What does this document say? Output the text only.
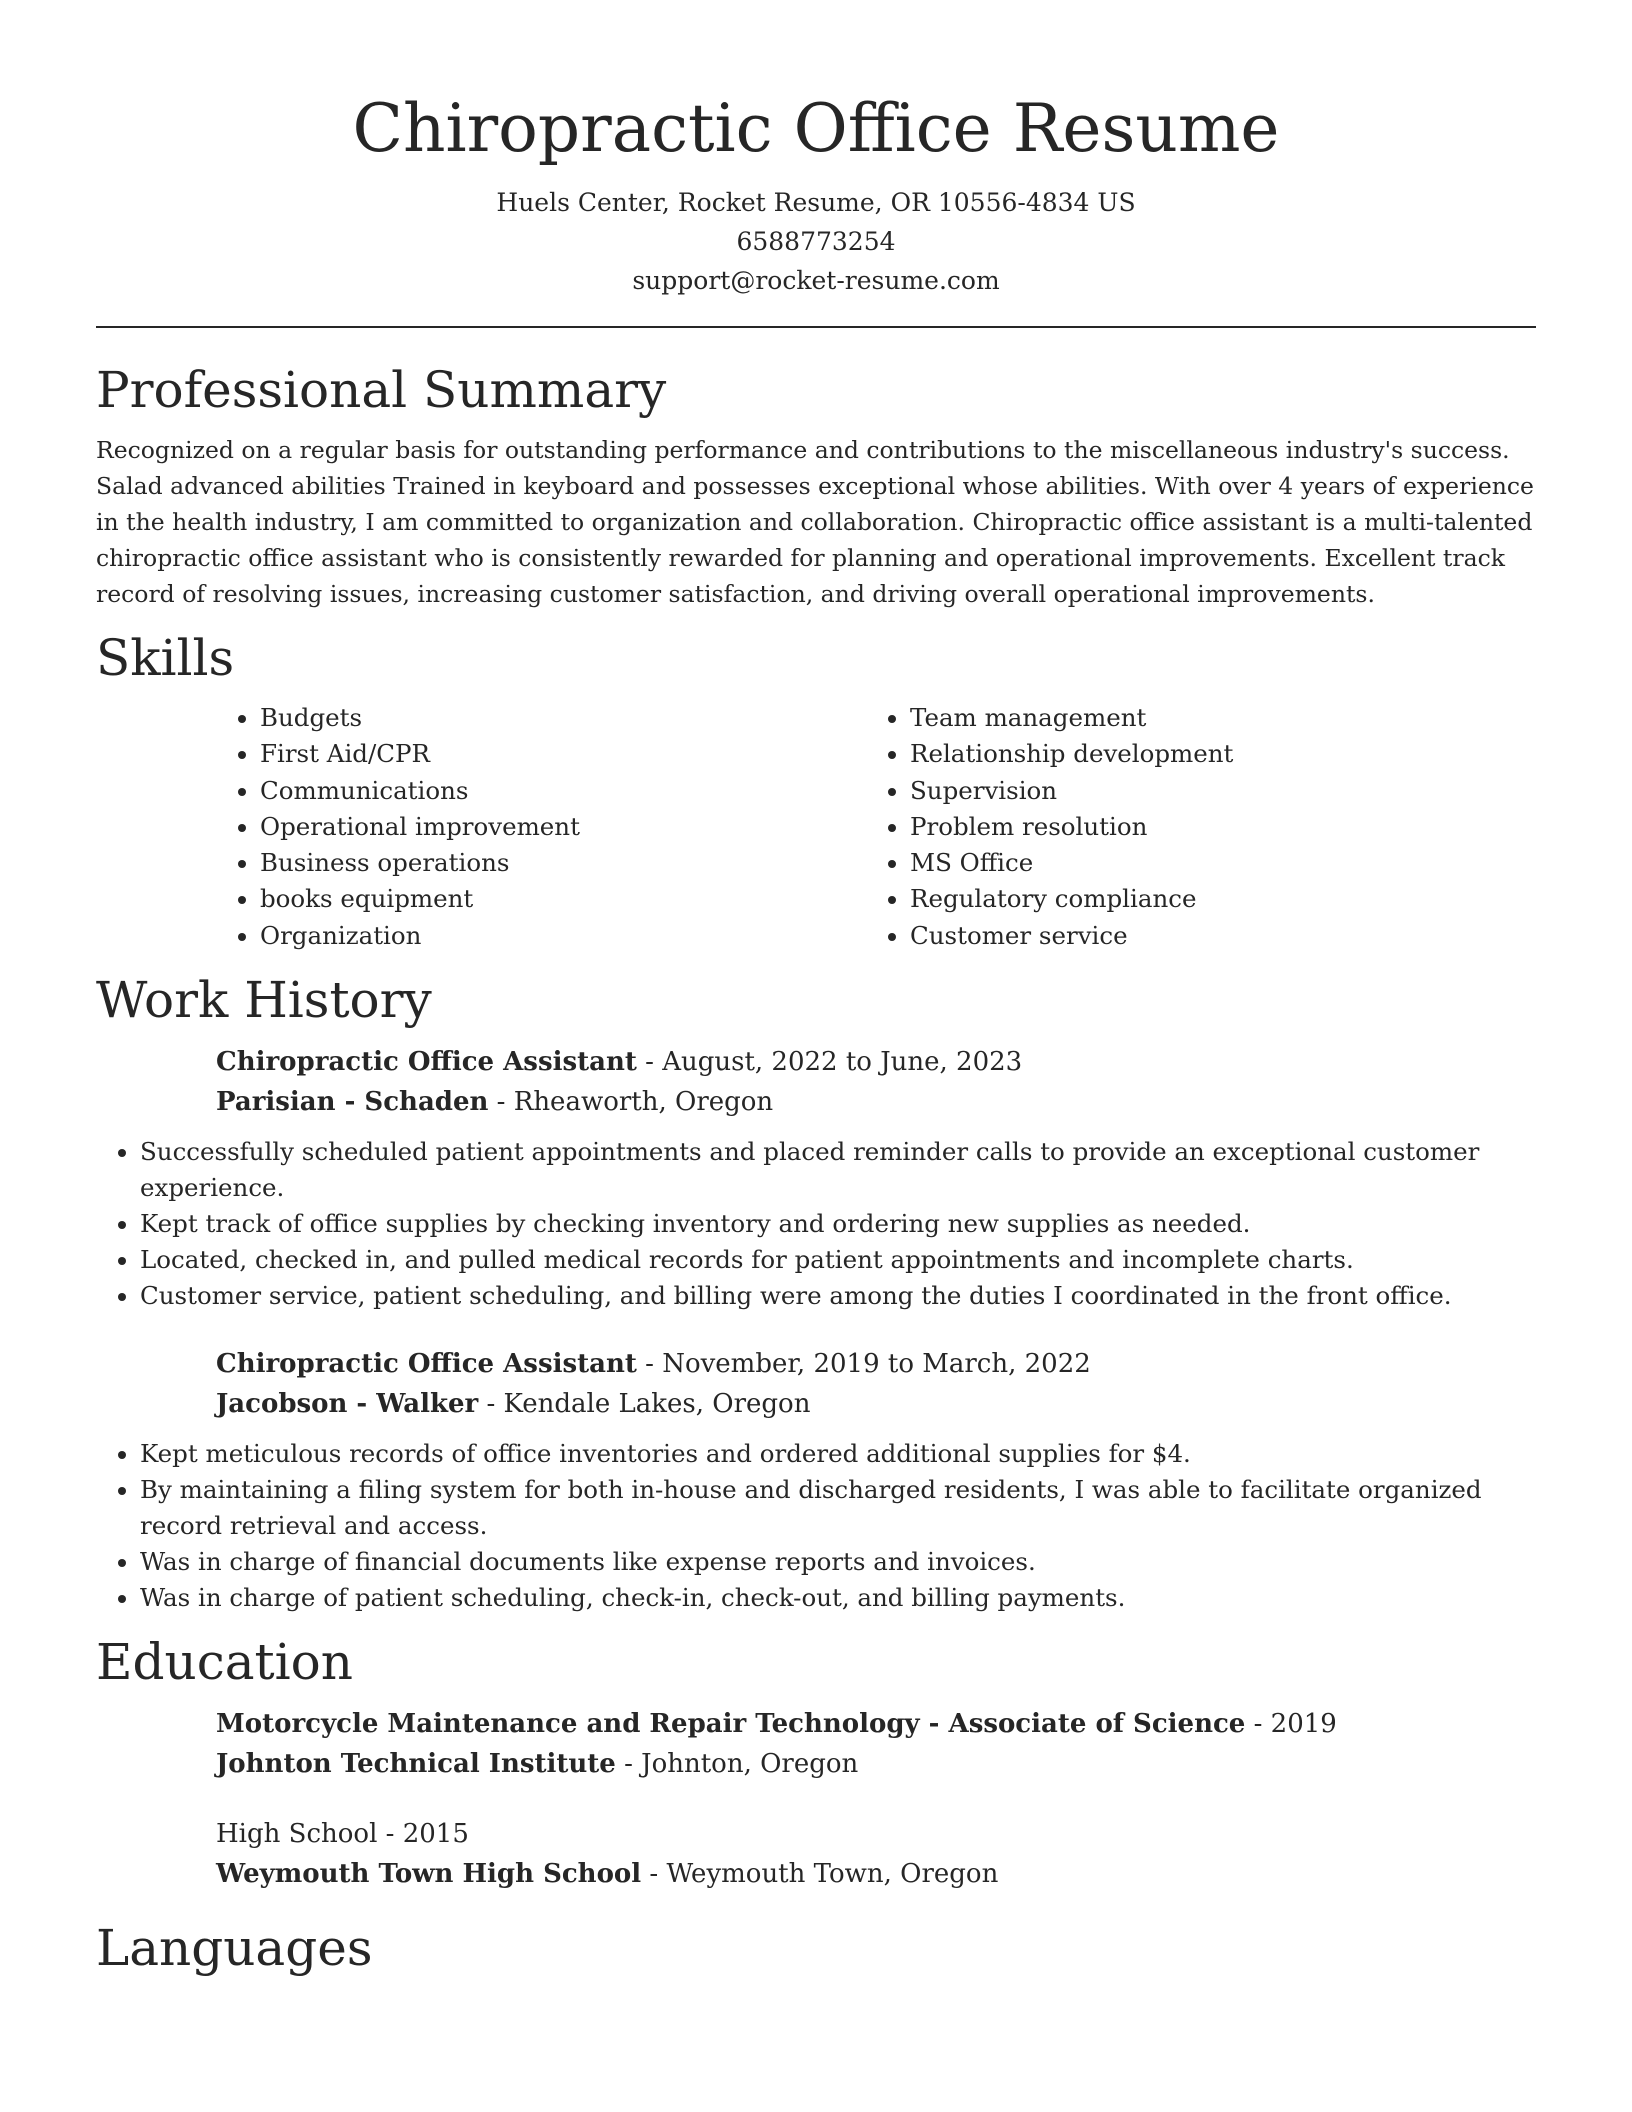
Chiropractic Office Resume
Huels Center, Rocket Resume, OR 10556-4834 US
6588773254
support@rocket-resume.com
Professional Summary

Recognized on a regular basis for outstanding performance and contributions to the miscellaneous industry's success. Salad advanced abilities Trained in keyboard and possesses exceptional whose abilities. With over 4 years of experience in the health industry, I am committed to organization and collaboration. Chiropractic office assistant is a multi-talented chiropractic office assistant who is consistently rewarded for planning and operational improvements. Excellent track record of resolving issues, increasing customer satisfaction, and driving overall operational improvements.

Skills
• Budgets
• First Aid/CPR
• Communications
• Operational improvement
• Business operations
• books equipment
• Organization
• Team management
• Relationship development
• Supervision
• Problem resolution
• MS Office
• Regulatory compliance
• Customer service
Work History
Chiropractic Office Assistant - August, 2022 to June, 2023
Parisian - Schaden - Rheaworth, Oregon
• Successfully scheduled patient appointments and placed reminder calls to provide an exceptional customer experience.
• Kept track of office supplies by checking inventory and ordering new supplies as needed.
• Located, checked in, and pulled medical records for patient appointments and incomplete charts.
• Customer service, patient scheduling, and billing were among the duties I coordinated in the front office.
Chiropractic Office Assistant - November, 2019 to March, 2022
Jacobson - Walker - Kendale Lakes, Oregon
• Kept meticulous records of office inventories and ordered additional supplies for $4.
• By maintaining a filing system for both in-house and discharged residents, I was able to facilitate organized record retrieval and access.
• Was in charge of financial documents like expense reports and invoices.
• Was in charge of patient scheduling, check-in, check-out, and billing payments.
Education
Motorcycle Maintenance and Repair Technology - Associate of Science - 2019
Johnton Technical Institute - Johnton, Oregon
High School - 2015
Weymouth Town High School - Weymouth Town, Oregon
Languages
